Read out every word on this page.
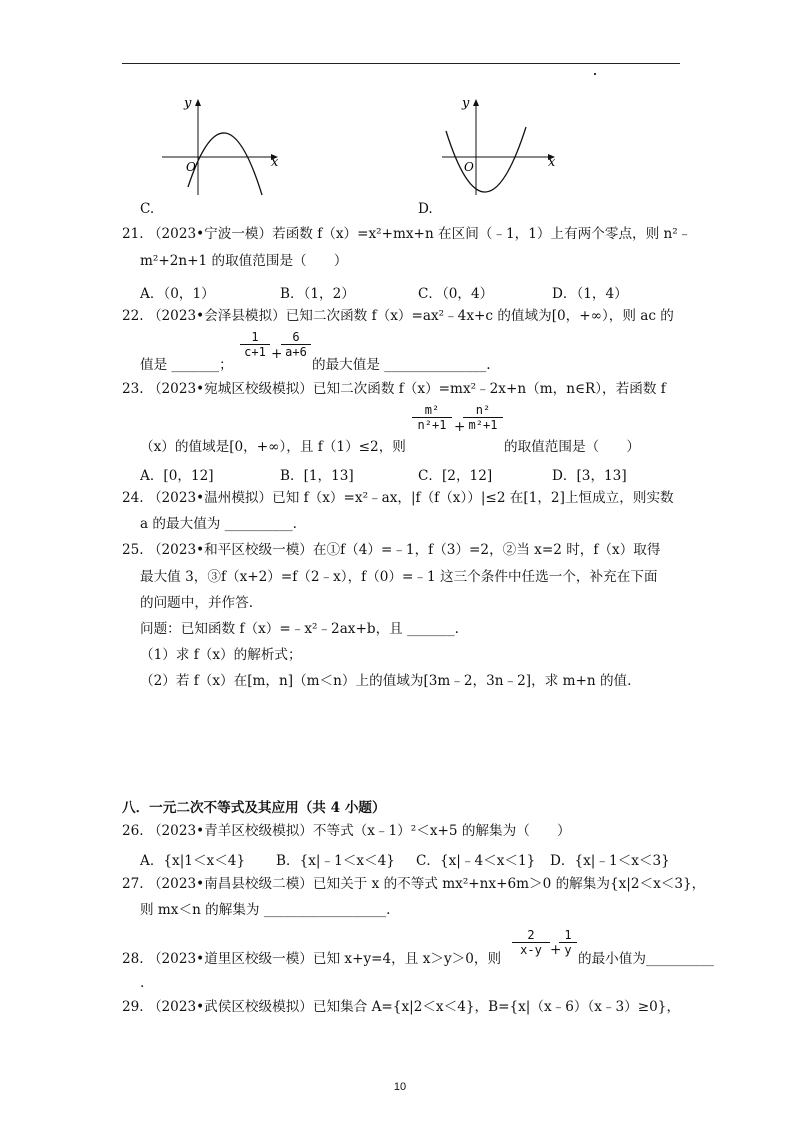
y
x
O
C.
y
x
O
D.
21. （2023•宁波一模）若函数 f（x）=x²+mx+n 在区间（﹣1，1）上有两个零点，则 n²﹣
m²+2n+1 的取值范围是（　　）
A．（0，1）	B．（1，2）	C．（0，4）	D．（1，4）
22. （2023•会泽县模拟）已知二次函数 f（x）=ax²﹣4x+c 的值域为[0，+∞），则 ac 的
值是 _______；
$\frac{1}{c+1}$ +
$\frac{6}{a+6}$
的最大值是 _______________.
23. （2023•宛城区校级模拟）已知二次函数 f（x）=mx²﹣2x+n（m，n∈R），若函数 f
（x）的值域是[0，+∞），且 f（1）≤2，则
$\frac{\text{m²}}{\text{n²+1}}$ +
$\frac{\text{n²}}{\text{m²+1}}$
的取值范围是（　　）
A．[0，12]	B．[1，13]	C．[2，12]	D．[3，13]
24. （2023•温州模拟）已知 f（x）=x²﹣ax，|f（f（x））|≤2 在[1，2]上恒成立，则实数
a 的最大值为 __________.
25. （2023•和平区校级一模）在①f（4）=﹣1，f（3）=2，②当 x=2 时，f（x）取得
最大值 3，③f（x+2）=f（2﹣x），f（0）=﹣1 这三个条件中任选一个，补充在下面
的问题中，并作答.
问题：已知函数 f（x）=﹣x²﹣2ax+b，且 _______.
（1）求 f（x）的解析式；
（2）若 f（x）在[m，n]（m＜n）上的值域为[3m﹣2，3n﹣2]，求 m+n 的值.
八．一元二次不等式及其应用（共 4 小题）
26. （2023•青羊区校级模拟）不等式（x﹣1）²＜x+5 的解集为（　　）
A．{x|1＜x＜4} B．{x|﹣1＜x＜4} C．{x|﹣4＜x＜1} D．{x|﹣1＜x＜3}
27. （2023•南昌县校级二模）已知关于 x 的不等式 mx²+nx+6m＞0 的解集为{x|2＜x＜3}，
则 mx＜n 的解集为 __________________.
28. （2023•道里区校级一模）已知 x+y=4，且 x＞y＞0，则
$\frac{2}{x-y}$ +
$\frac{1}{y}$
的最小值为__________
.
29. （2023•武侯区校级模拟）已知集合 A={x|2＜x＜4}，B={x|（x﹣6）（x﹣3）≥0}，
10
